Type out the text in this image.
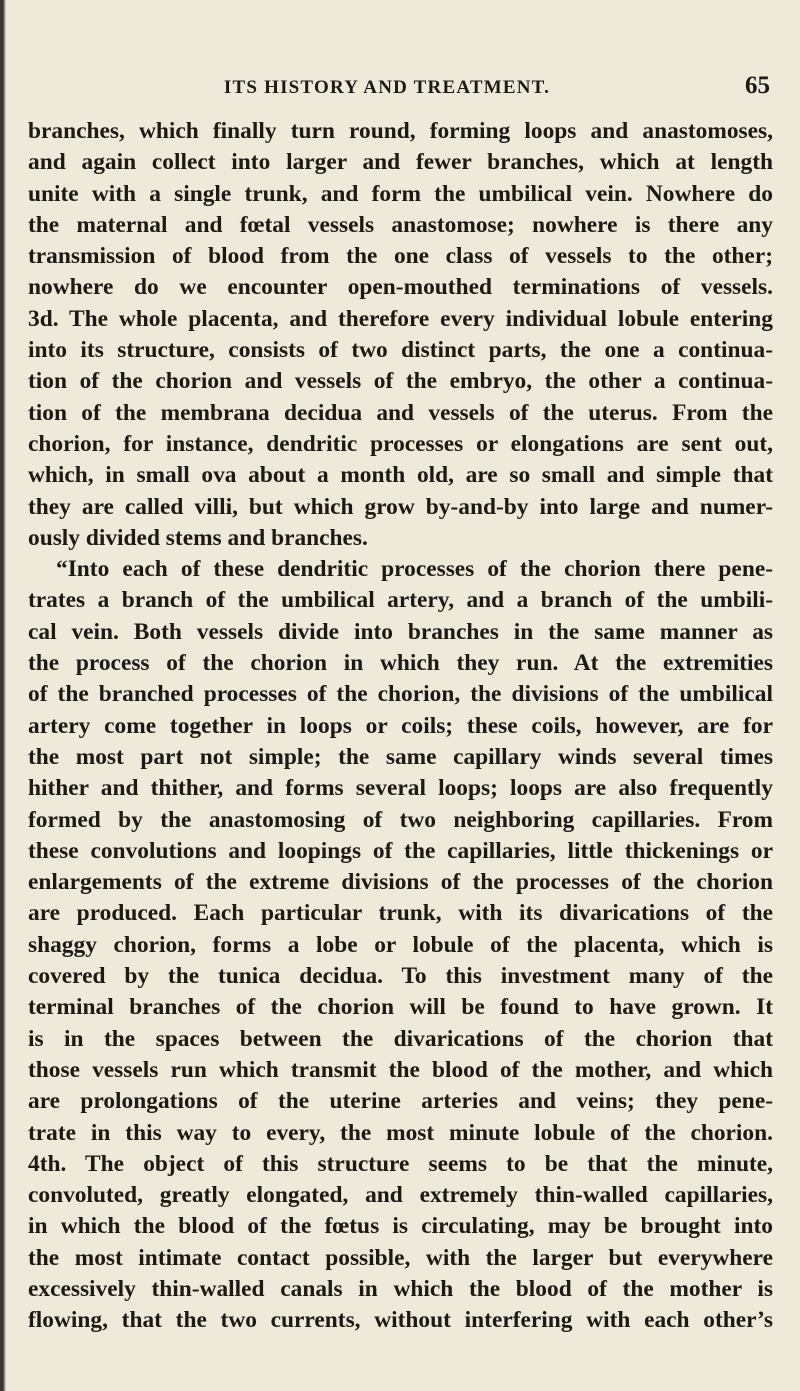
ITS HISTORY AND TREATMENT.	65
branches, which finally turn round, forming loops and anastomoses,
and again collect into larger and fewer branches, which at length
unite with a single trunk, and form the umbilical vein. Nowhere do
the maternal and fœtal vessels anastomose; nowhere is there any
transmission of blood from the one class of vessels to the other;
nowhere do we encounter open-mouthed terminations of vessels.
3d. The whole placenta, and therefore every individual lobule entering
into its structure, consists of two distinct parts, the one a continua-
tion of the chorion and vessels of the embryo, the other a continua-
tion of the membrana decidua and vessels of the uterus. From the
chorion, for instance, dendritic processes or elongations are sent out,
which, in small ova about a month old, are so small and simple that
they are called villi, but which grow by-and-by into large and numer-
ously divided stems and branches.
“Into each of these dendritic processes of the chorion there pene-
trates a branch of the umbilical artery, and a branch of the umbili-
cal vein. Both vessels divide into branches in the same manner as
the process of the chorion in which they run. At the extremities
of the branched processes of the chorion, the divisions of the umbilical
artery come together in loops or coils; these coils, however, are for
the most part not simple; the same capillary winds several times
hither and thither, and forms several loops; loops are also frequently
formed by the anastomosing of two neighboring capillaries. From
these convolutions and loopings of the capillaries, little thickenings or
enlargements of the extreme divisions of the processes of the chorion
are produced. Each particular trunk, with its divarications of the
shaggy chorion, forms a lobe or lobule of the placenta, which is
covered by the tunica decidua. To this investment many of the
terminal branches of the chorion will be found to have grown. It
is in the spaces between the divarications of the chorion that
those vessels run which transmit the blood of the mother, and which
are prolongations of the uterine arteries and veins; they pene-
trate in this way to every, the most minute lobule of the chorion.
4th. The object of this structure seems to be that the minute,
convoluted, greatly elongated, and extremely thin-walled capillaries,
in which the blood of the fœtus is circulating, may be brought into
the most intimate contact possible, with the larger but everywhere
excessively thin-walled canals in which the blood of the mother is
flowing, that the two currents, without interfering with each other’s
